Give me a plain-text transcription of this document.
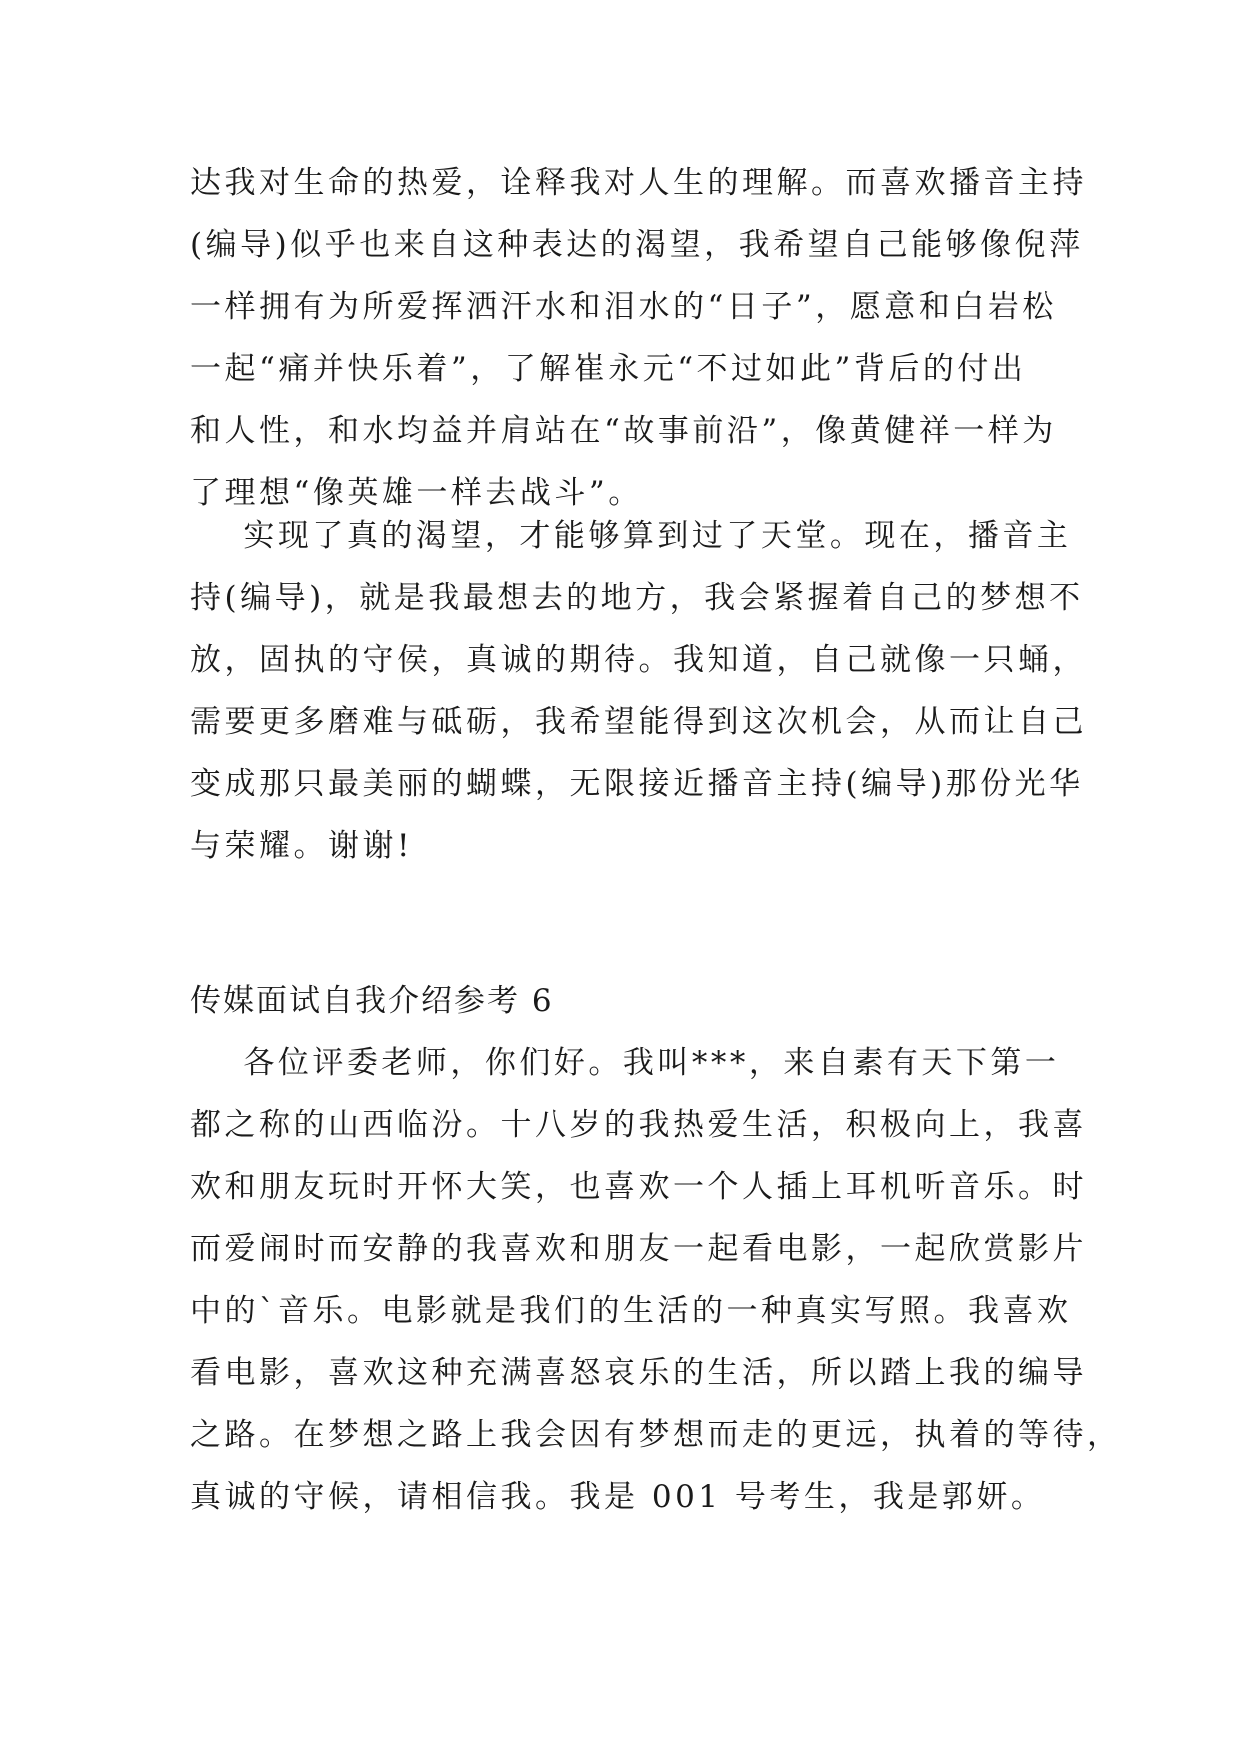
达我对生命的热爱，诠释我对人生的理解。而喜欢播音主持
(编导)似乎也来自这种表达的渴望，我希望自己能够像倪萍
一样拥有为所爱挥洒汗水和泪水的“日子”，愿意和白岩松
一起“痛并快乐着”，了解崔永元“不过如此”背后的付出
和人性，和水均益并肩站在“故事前沿”，像黄健祥一样为
了理想“像英雄一样去战斗”。
实现了真的渴望，才能够算到过了天堂。现在，播音主
持(编导)，就是我最想去的地方，我会紧握着自己的梦想不
放，固执的守侯，真诚的期待。我知道，自己就像一只蛹，
需要更多磨难与砥砺，我希望能得到这次机会，从而让自己
变成那只最美丽的蝴蝶，无限接近播音主持(编导)那份光华
与荣耀。谢谢!
传媒面试自我介绍参考 6
各位评委老师，你们好。我叫***，来自素有天下第一
都之称的山西临汾。十八岁的我热爱生活，积极向上，我喜
欢和朋友玩时开怀大笑，也喜欢一个人插上耳机听音乐。时
而爱闹时而安静的我喜欢和朋友一起看电影，一起欣赏影片
中的`音乐。电影就是我们的生活的一种真实写照。我喜欢
看电影，喜欢这种充满喜怒哀乐的生活，所以踏上我的编导
之路。在梦想之路上我会因有梦想而走的更远，执着的等待，
真诚的守候，请相信我。我是 001 号考生，我是郭妍。
